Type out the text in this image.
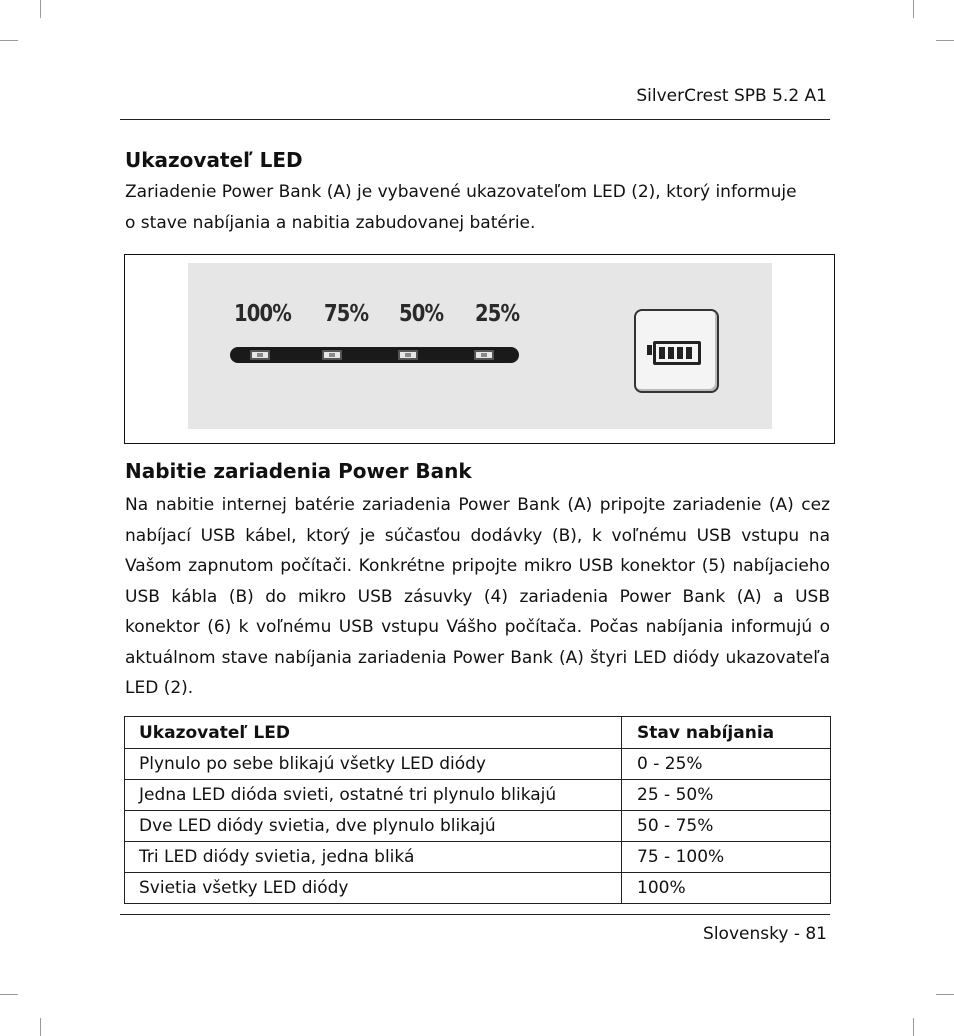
SilverCrest SPB 5.2 A1
Ukazovateľ LED

Zariadenie Power Bank (A) je vybavené ukazovateľom LED (2), ktorý informuje
o stave nabíjania a nabitia zabudovanej batérie.

100% 75% 50% 25%
Nabitie zariadenia Power Bank

Na nabitie internej batérie zariadenia Power Bank (A) pripojte zariadenie (A) cez nabíjací USB kábel, ktorý je súčasťou dodávky (B), k voľnému USB vstupu na Vašom zapnutom počítači. Konkrétne pripojte mikro USB konektor (5) nabíjacieho USB kábla (B) do mikro USB zásuvky (4) zariadenia Power Bank (A) a USB konektor (6) k voľnému USB vstupu Vášho počítača. Počas nabíjania informujú o aktuálnom stave nabíjania zariadenia Power Bank (A) štyri LED diódy ukazovateľa LED (2).

Ukazovateľ LED	Stav nabíjania
Plynulo po sebe blikajú všetky LED diódy	0 - 25%
Jedna LED dióda svieti, ostatné tri plynulo blikajú	25 - 50%
Dve LED diódy svietia, dve plynulo blikajú	50 - 75%
Tri LED diódy svietia, jedna bliká	75 - 100%
Svietia všetky LED diódy	100%
Slovensky - 81
